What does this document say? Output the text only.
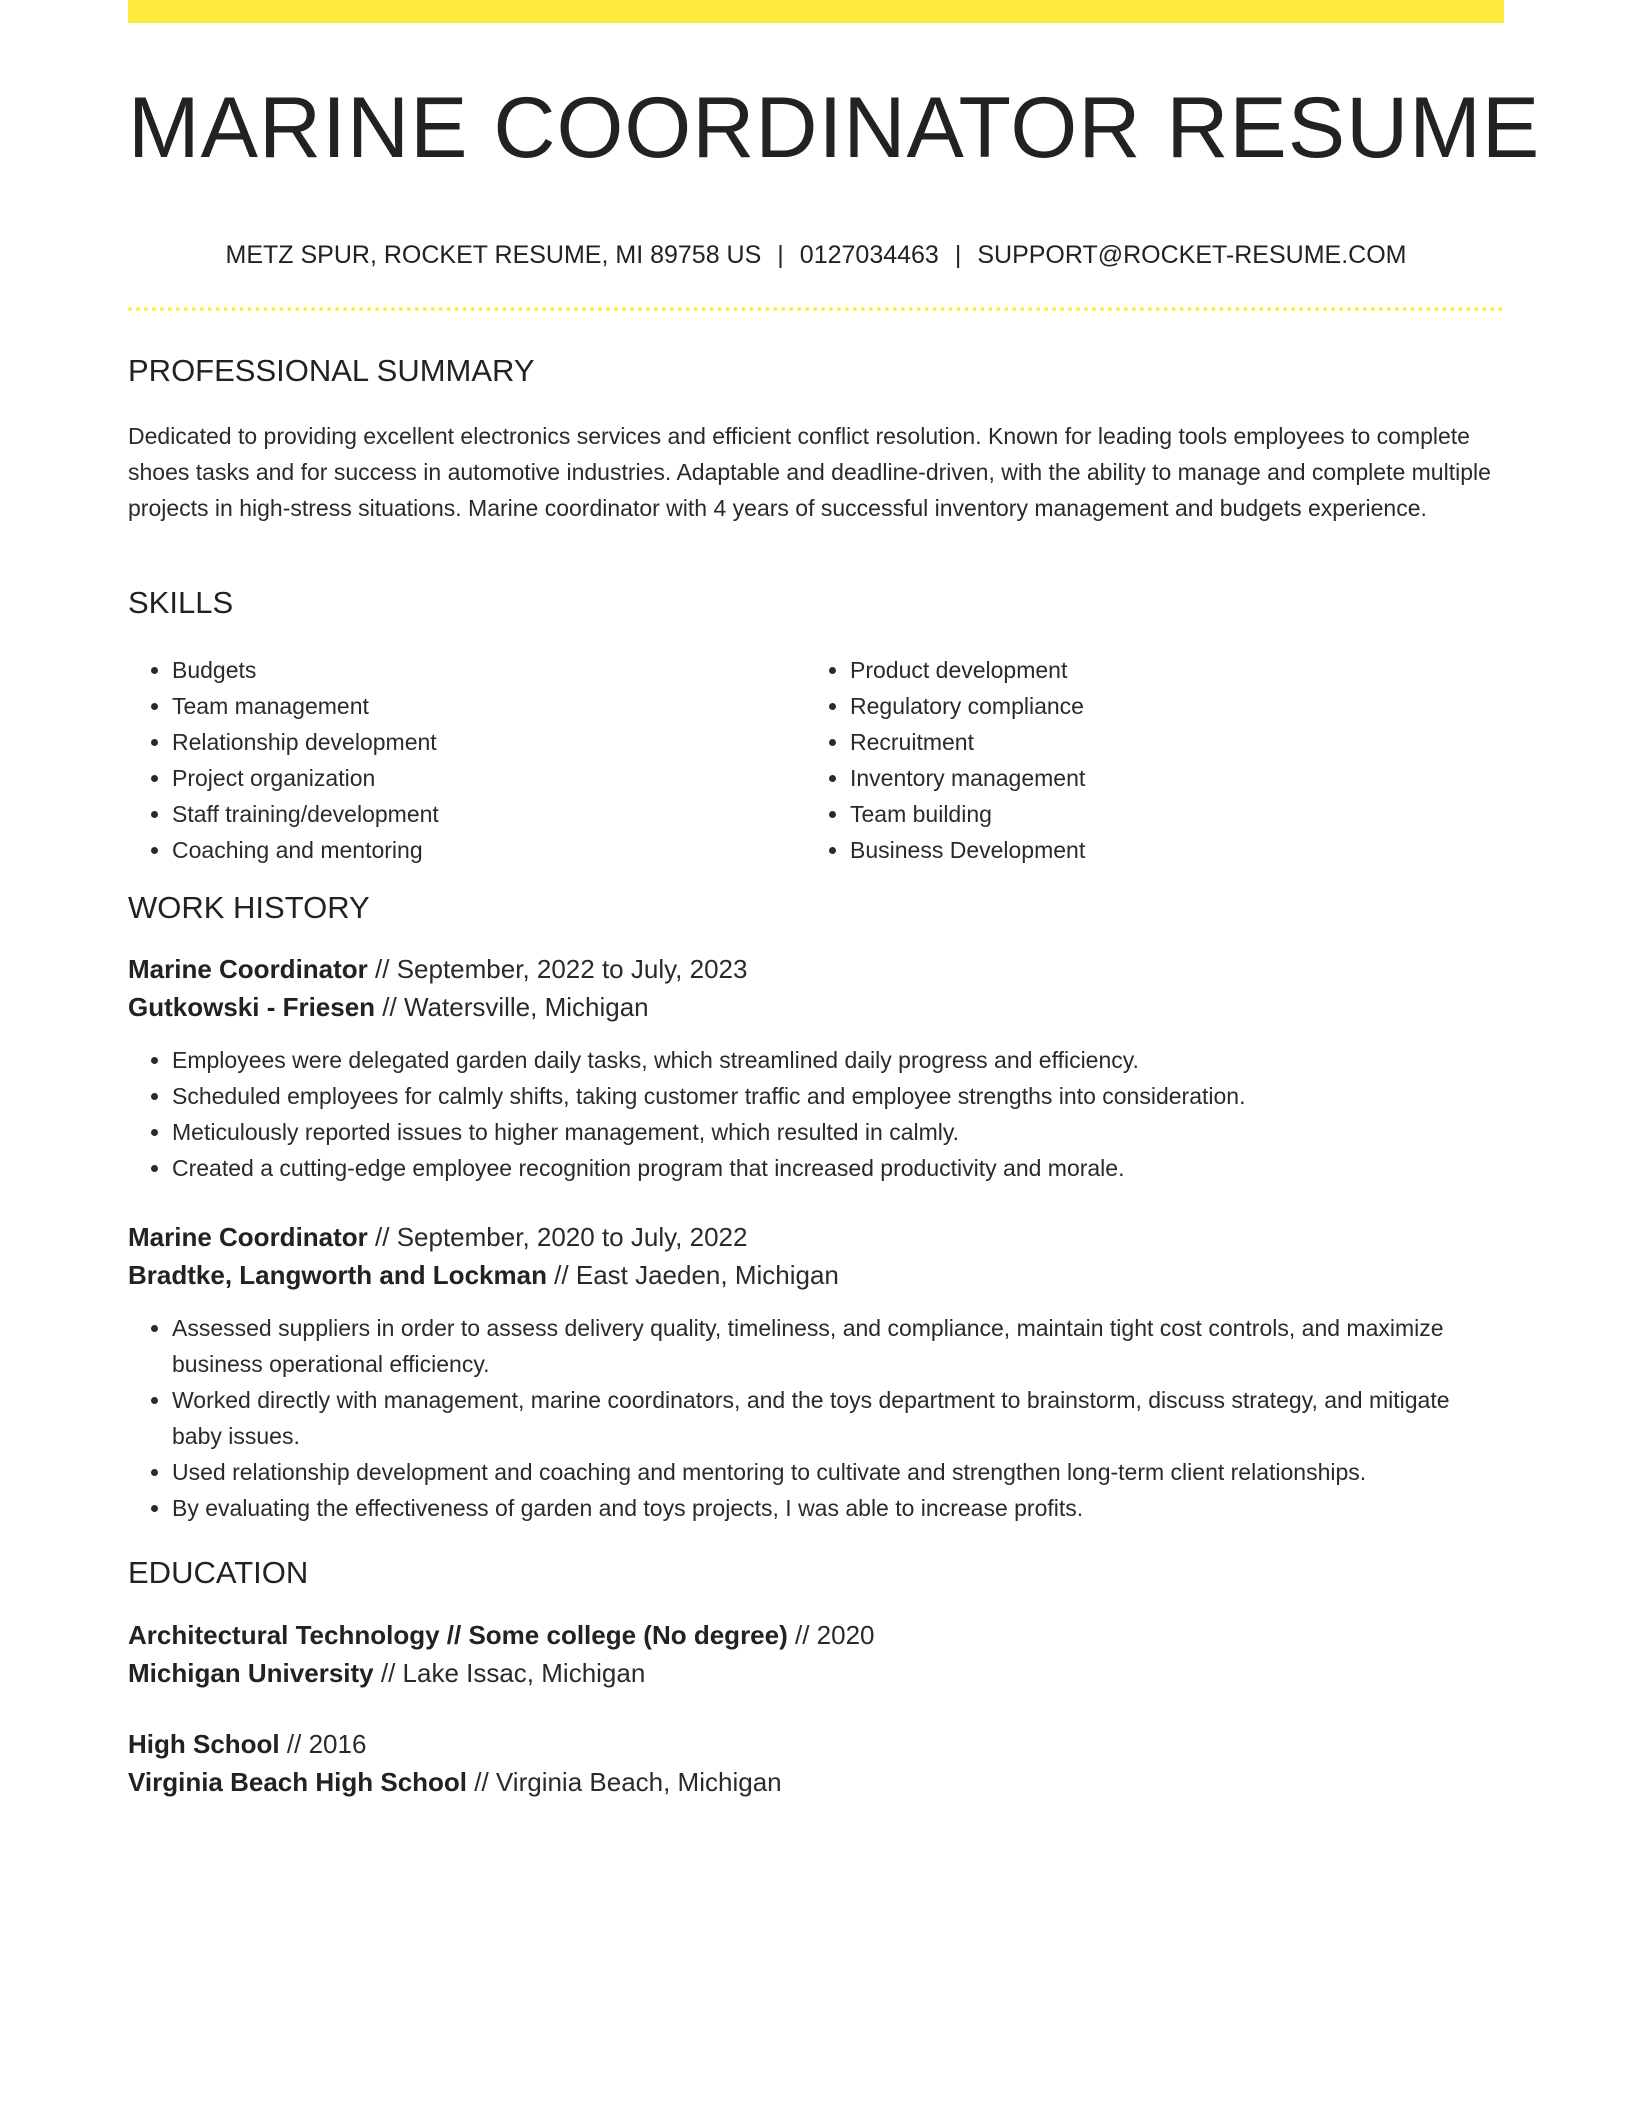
MARINE COORDINATOR RESUME
METZ SPUR, ROCKET RESUME, MI 89758 US | 0127034463 | SUPPORT@ROCKET-RESUME.COM
PROFESSIONAL SUMMARY

Dedicated to providing excellent electronics services and efficient conflict resolution. Known for leading tools employees to complete shoes tasks and for success in automotive industries. Adaptable and deadline-driven, with the ability to manage and complete multiple projects in high-stress situations. Marine coordinator with 4 years of successful inventory management and budgets experience.

SKILLS
• Budgets
• Team management
• Relationship development
• Project organization
• Staff training/development
• Coaching and mentoring
• Product development
• Regulatory compliance
• Recruitment
• Inventory management
• Team building
• Business Development
WORK HISTORY
Marine Coordinator // September, 2022 to July, 2023
Gutkowski - Friesen // Watersville, Michigan
• Employees were delegated garden daily tasks, which streamlined daily progress and efficiency.
• Scheduled employees for calmly shifts, taking customer traffic and employee strengths into consideration.
• Meticulously reported issues to higher management, which resulted in calmly.
• Created a cutting-edge employee recognition program that increased productivity and morale.
Marine Coordinator // September, 2020 to July, 2022
Bradtke, Langworth and Lockman // East Jaeden, Michigan
• Assessed suppliers in order to assess delivery quality, timeliness, and compliance, maintain tight cost controls, and maximize business operational efficiency.
• Worked directly with management, marine coordinators, and the toys department to brainstorm, discuss strategy, and mitigate baby issues.
• Used relationship development and coaching and mentoring to cultivate and strengthen long-term client relationships.
• By evaluating the effectiveness of garden and toys projects, I was able to increase profits.
EDUCATION
Architectural Technology // Some college (No degree) // 2020
Michigan University // Lake Issac, Michigan
High School // 2016
Virginia Beach High School // Virginia Beach, Michigan
